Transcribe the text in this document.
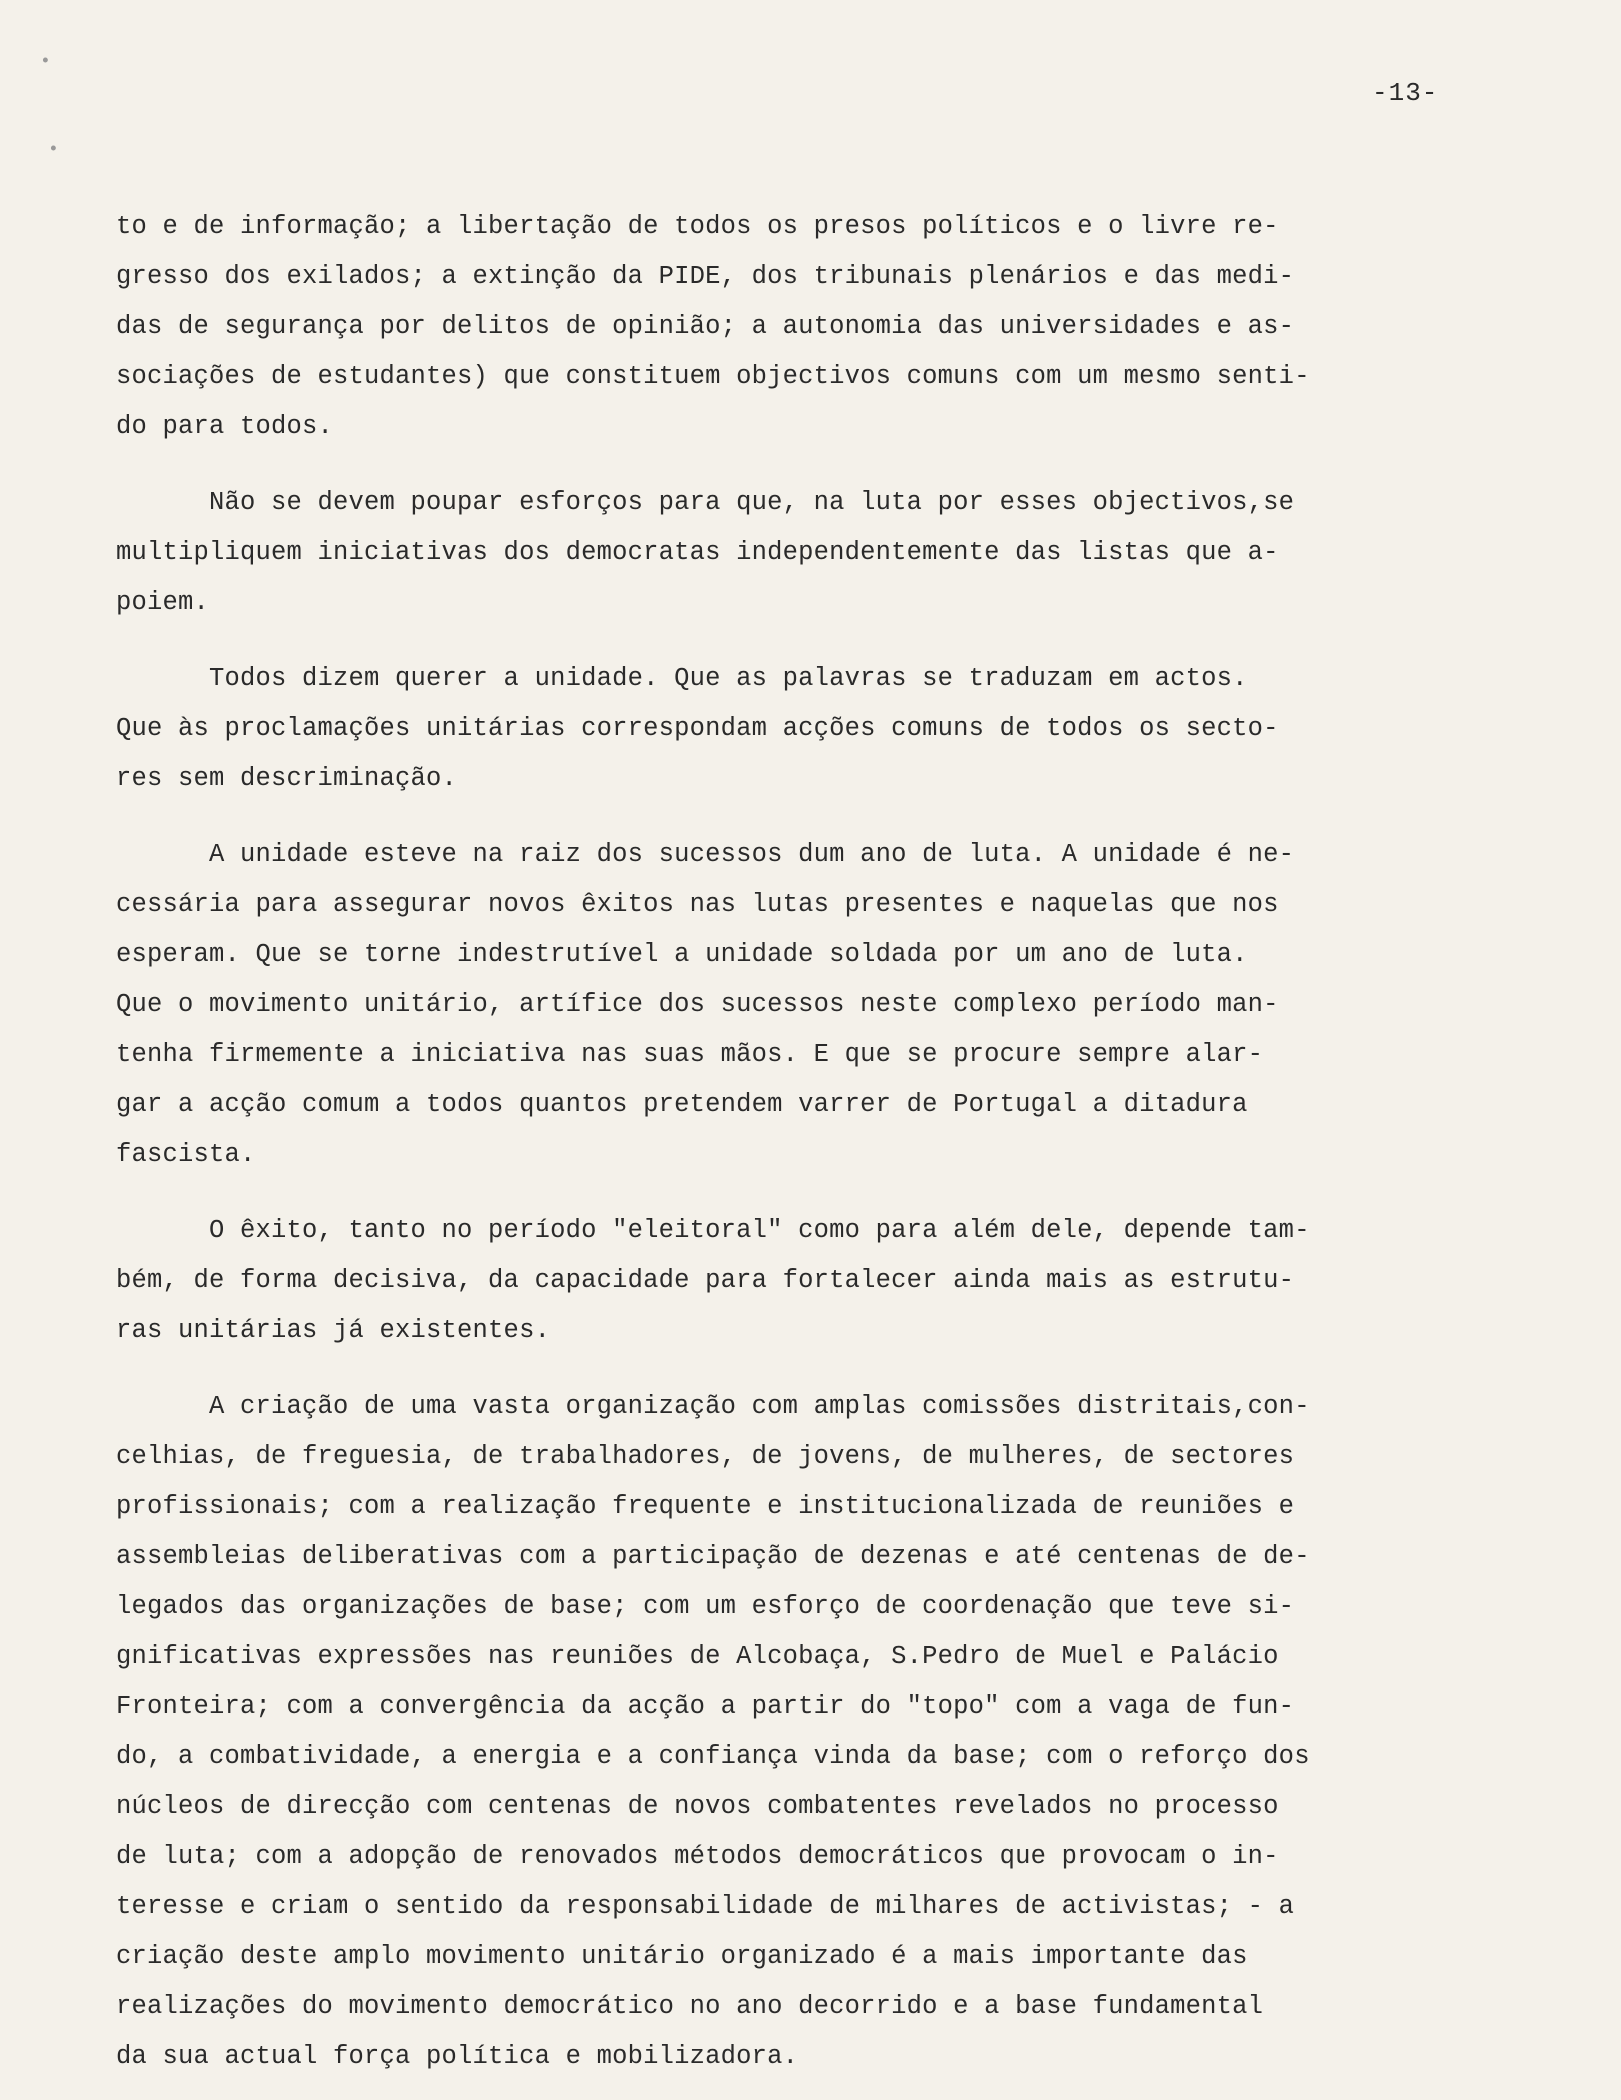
-13-
•
•

to e de informação; a libertação de todos os presos políticos e o livre re-
gresso dos exilados; a extinção da PIDE, dos tribunais plenários e das medi-
das de segurança por delitos de opinião; a autonomia das universidades e as-
sociações de estudantes) que constituem objectivos comuns com um mesmo senti-
do para todos.

Não se devem poupar esforços para que, na luta por esses objectivos,se
multipliquem iniciativas dos democratas independentemente das listas que a-
poiem.

Todos dizem querer a unidade. Que as palavras se traduzam em actos.
Que às proclamações unitárias correspondam acções comuns de todos os secto-
res sem descriminação.

A unidade esteve na raiz dos sucessos dum ano de luta. A unidade é ne-
cessária para assegurar novos êxitos nas lutas presentes e naquelas que nos
esperam. Que se torne indestrutível a unidade soldada por um ano de luta.
Que o movimento unitário, artífice dos sucessos neste complexo período man-
tenha firmemente a iniciativa nas suas mãos. E que se procure sempre alar-
gar a acção comum a todos quantos pretendem varrer de Portugal a ditadura
fascista.

O êxito, tanto no período "eleitoral" como para além dele, depende tam-
bém, de forma decisiva, da capacidade para fortalecer ainda mais as estrutu-
ras unitárias já existentes.

A criação de uma vasta organização com amplas comissões distritais,con-
celhias, de freguesia, de trabalhadores, de jovens, de mulheres, de sectores
profissionais; com a realização frequente e institucionalizada de reuniões e
assembleias deliberativas com a participação de dezenas e até centenas de de-
legados das organizações de base; com um esforço de coordenação que teve si-
gnificativas expressões nas reuniões de Alcobaça, S.Pedro de Muel e Palácio
Fronteira; com a convergência da acção a partir do "topo" com a vaga de fun-
do, a combatividade, a energia e a confiança vinda da base; com o reforço dos
núcleos de direcção com centenas de novos combatentes revelados no processo
de luta; com a adopção de renovados métodos democráticos que provocam o in-
teresse e criam o sentido da responsabilidade de milhares de activistas; - a
criação deste amplo movimento unitário organizado é a mais importante das
realizações do movimento democrático no ano decorrido e a base fundamental
da sua actual força política e mobilizadora.
